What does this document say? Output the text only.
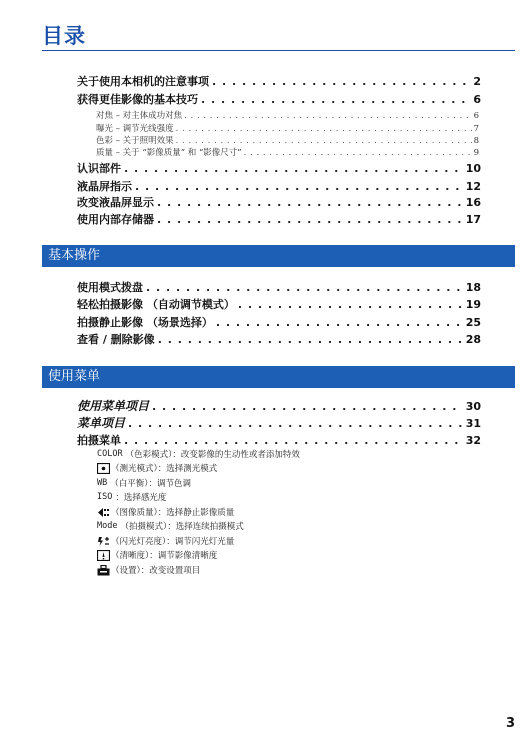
目录
关于使用本相机的注意事项 . . .	2
获得更佳影像的基本技巧 . . .	6
对焦 – 对主体成功对焦 . . .	6
曝光 – 调节光线强度 . . .	7
色彩 – 关于照明效果 . . .	8
质量 – 关于 “影像质量” 和 “影像尺寸” . . .	9
认识部件 . . .	10
液晶屏指示 . . .	12
改变液晶屏显示 . . .	16
使用内部存储器 . . .	17
基本操作
使用模式拨盘 . . .	18
轻松拍摄影像 （自动调节模式） . . .	19
拍摄静止影像 （场景选择） . . .	25
查看 / 删除影像 . . .	28
使用菜单
使用菜单项目 . . .	30
菜单项目 . . .	31
拍摄菜单 . . .	32
COLOR （色彩模式）：改变影像的生动性或者添加特效
（测光模式）：选择测光模式
WB （白平衡）：调节色调
ISO ：选择感光度
（图像质量）：选择静止影像质量
Mode （拍摄模式）：选择连续拍摄模式
（闪光灯亮度）：调节闪光灯光量
（清晰度）：调节影像清晰度
（设置）：改变设置项目
3
